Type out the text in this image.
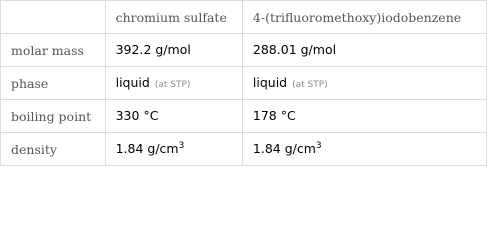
	chromium sulfate	4-(trifluoromethoxy)iodobenzene
molar mass	392.2 g/mol	288.01 g/mol
phase	liquid (at STP)	liquid (at STP)
boiling point	330 °C	178 °C
density	1.84 $g/cm^3$	1.84 $g/cm^3$
